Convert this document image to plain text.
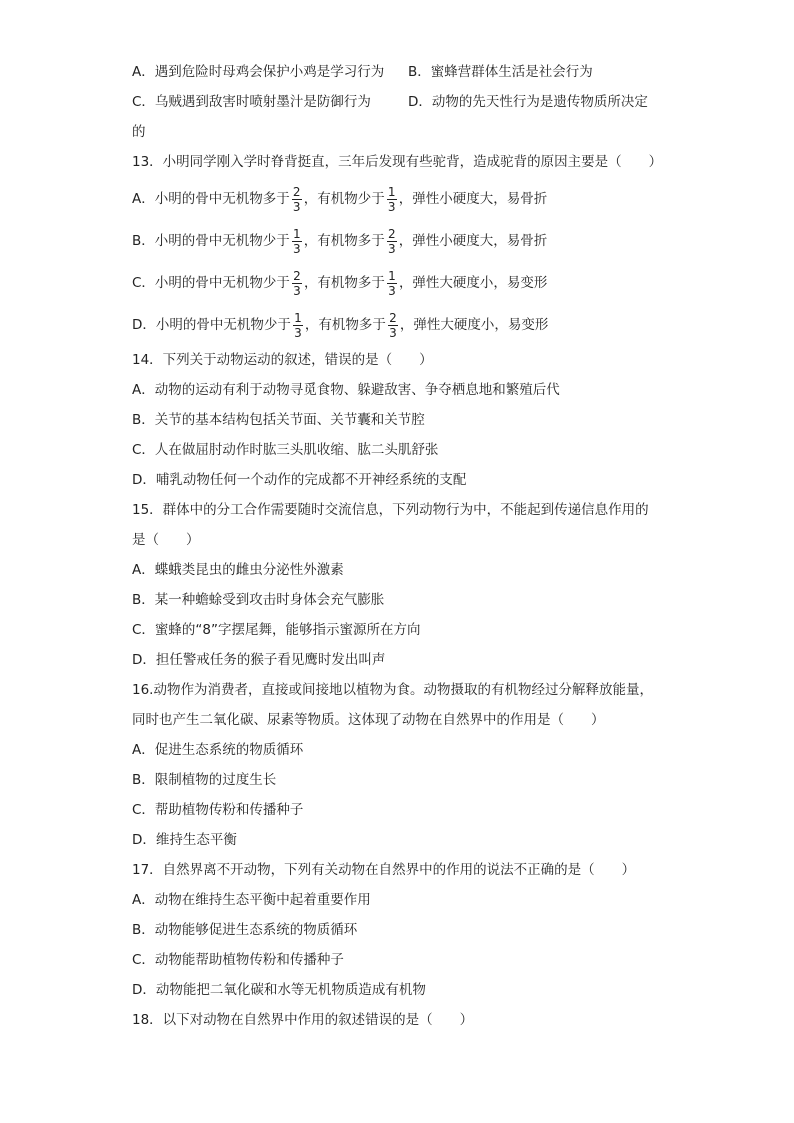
A．遇到危险时母鸡会保护小鸡是学习行为	B．蜜蜂营群体生活是社会行为
C．乌贼遇到敌害时喷射墨汁是防御行为	D．动物的先天性行为是遗传物质所决定
的
13．小明同学刚入学时脊背挺直，三年后发现有些驼背，造成驼背的原因主要是（　　）
A．小明的骨中无机物多于 $\frac{2}{3}$ ，有机物少于 $\frac{1}{3}$ ，弹性小硬度大，易骨折
B．小明的骨中无机物少于 $\frac{1}{3}$ ，有机物多于 $\frac{2}{3}$ ，弹性小硬度大，易骨折
C．小明的骨中无机物少于 $\frac{2}{3}$ ，有机物多于 $\frac{1}{3}$ ，弹性大硬度小，易变形
D．小明的骨中无机物少于 $\frac{1}{3}$ ，有机物多于 $\frac{2}{3}$ ，弹性大硬度小，易变形
14．下列关于动物运动的叙述，错误的是（　　）
A．动物的运动有利于动物寻觅食物、躲避敌害、争夺栖息地和繁殖后代
B．关节的基本结构包括关节面、关节囊和关节腔
C．人在做屈肘动作时肱三头肌收缩、肱二头肌舒张
D．哺乳动物任何一个动作的完成都不开神经系统的支配
15．群体中的分工合作需要随时交流信息，下列动物行为中，不能起到传递信息作用的
是（　　）
A．蝶蛾类昆虫的雌虫分泌性外激素
B．某一种蟾蜍受到攻击时身体会充气膨胀
C．蜜蜂的“8”字摆尾舞，能够指示蜜源所在方向
D．担任警戒任务的猴子看见鹰时发出叫声
16.动物作为消费者，直接或间接地以植物为食。动物摄取的有机物经过分解释放能量，
同时也产生二氧化碳、尿素等物质。这体现了动物在自然界中的作用是（　　）
A．促进生态系统的物质循环
B．限制植物的过度生长
C．帮助植物传粉和传播种子
D．维持生态平衡
17．自然界离不开动物，下列有关动物在自然界中的作用的说法不正确的是（　　）
A．动物在维持生态平衡中起着重要作用
B．动物能够促进生态系统的物质循环
C．动物能帮助植物传粉和传播种子
D．动物能把二氧化碳和水等无机物质造成有机物
18．以下对动物在自然界中作用的叙述错误的是（　　）
